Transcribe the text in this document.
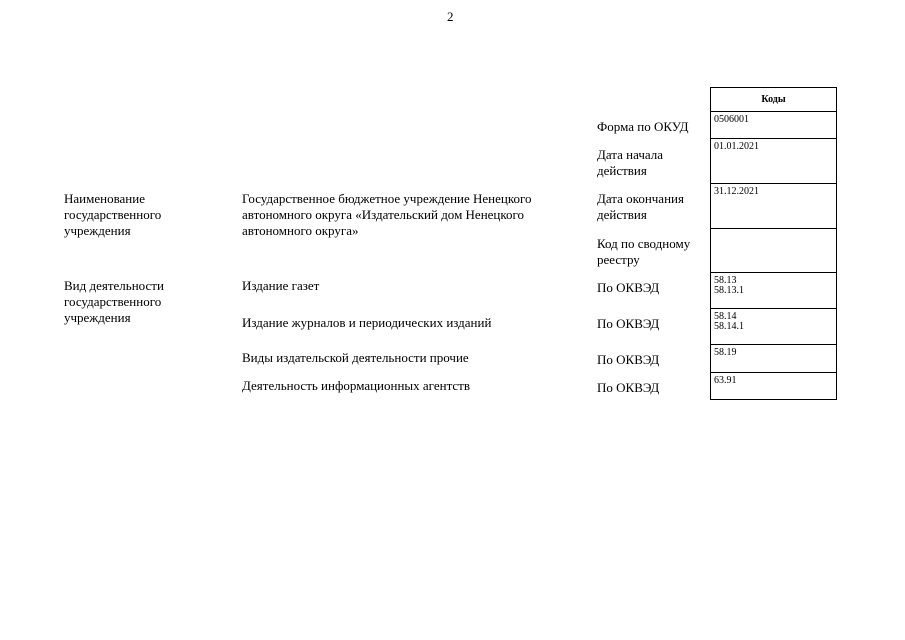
2
Наименование
государственного
учреждения
Вид деятельности
государственного
учреждения
Государственное бюджетное учреждение Ненецкого
автономного округа «Издательский дом Ненецкого
автономного округа»
Издание газет
Издание журналов и периодических изданий
Виды издательской деятельности прочие
Деятельность информационных агентств
Форма по ОКУД
Дата начала
действия
Дата окончания
действия
Код по сводному
реестру
По ОКВЭД
По ОКВЭД
По ОКВЭД
По ОКВЭД
Коды
0506001
01.01.2021
31.12.2021
58.13
58.13.1
58.14
58.14.1
58.19
63.91
